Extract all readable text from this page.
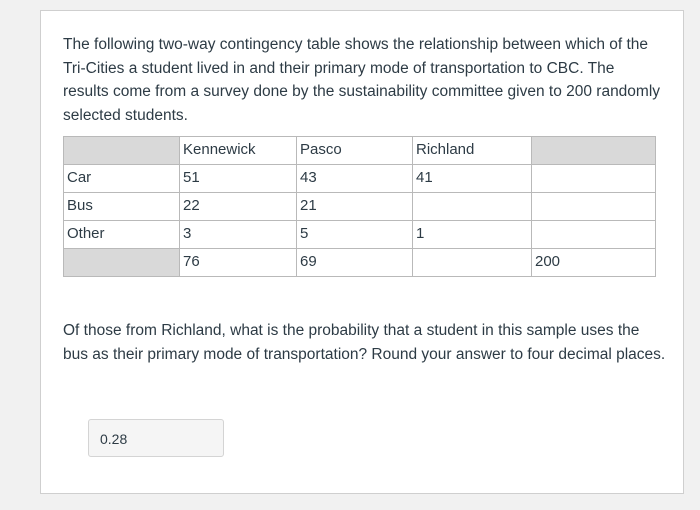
The following two-way contingency table shows the relationship between which of the Tri-Cities a student lived in and their primary mode of transportation to CBC. The results come from a survey done by the sustainability committee given to 200 randomly selected students.

	Kennewick	Pasco	Richland	
Car	51	43	41	
Bus	22	21		
Other	3	5	1	
	76	69		200

Of those from Richland, what is the probability that a student in this sample uses the bus as their primary mode of transportation? Round your answer to four decimal places.

0.28
